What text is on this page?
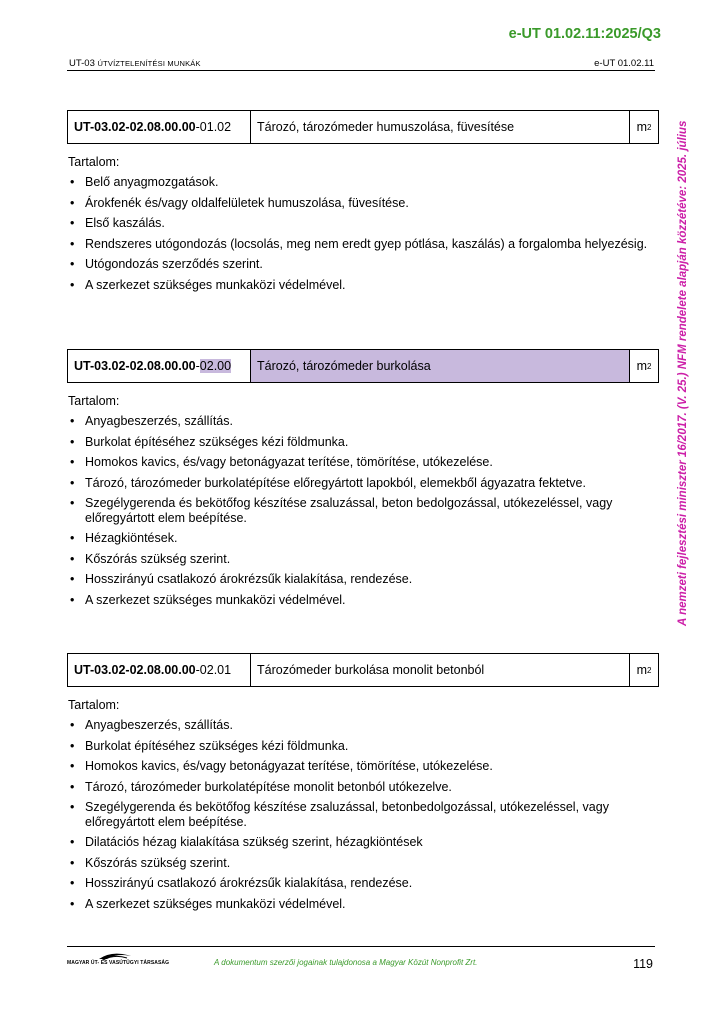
e-UT 01.02.11:2025/Q3
UT-03 ÚTVÍZTELENÍTÉSI MUNKÁK	e-UT 01.02.11
A nemzeti fejlesztési miniszter 16/2017. (V. 25.) NFM rendelete alapján közzétéve: 2025. július
UT-03.02-02.08.00.00 - 01.02	Tározó, tározómeder humuszolása, füvesítése	m 2
Tartalom:
• Belő anyagmozgatások.
• Árokfenék és/vagy oldalfelületek humuszolása, füvesítése.
• Első kaszálás.
• Rendszeres utógondozás (locsolás, meg nem eredt gyep pótlása, kaszálás) a forgalomba helyezésig.
• Utógondozás szerződés szerint.
• A szerkezet szükséges munkaközi védelmével.
UT-03.02-02.08.00.00 - 02.00	Tározó, tározómeder burkolása	m 2
Tartalom:
• Anyagbeszerzés, szállítás.
• Burkolat építéséhez szükséges kézi földmunka.
• Homokos kavics, és/vagy betonágyazat terítése, tömörítése, utókezelése.
• Tározó, tározómeder burkolatépítése előregyártott lapokból, elemekből ágyazatra fektetve.
• Szegélygerenda és bekötőfog készítése zsaluzással, beton bedolgozással, utókezeléssel, vagy előregyártott elem beépítése.
• Hézagkiöntések.
• Kőszórás szükség szerint.
• Hosszirányú csatlakozó árokrézsűk kialakítása, rendezése.
• A szerkezet szükséges munkaközi védelmével.
UT-03.02-02.08.00.00 - 02.01	Tározómeder burkolása monolit betonból	m 2
Tartalom:
• Anyagbeszerzés, szállítás.
• Burkolat építéséhez szükséges kézi földmunka.
• Homokos kavics, és/vagy betonágyazat terítése, tömörítése, utókezelése.
• Tározó, tározómeder burkolatépítése monolit betonból utókezelve.
• Szegélygerenda és bekötőfog készítése zsaluzással, betonbedolgozással, utókezeléssel, vagy előregyártott elem beépítése.
• Dilatációs hézag kialakítása szükség szerint, hézagkiöntések
• Kőszórás szükség szerint.
• Hosszirányú csatlakozó árokrézsűk kialakítása, rendezése.
• A szerkezet szükséges munkaközi védelmével.
MAGYAR ÚT- ÉS VASÚTÜGYI TÁRSASÁG	A dokumentum szerzői jogainak tulajdonosa a Magyar Közút Nonprofit Zrt.	119
